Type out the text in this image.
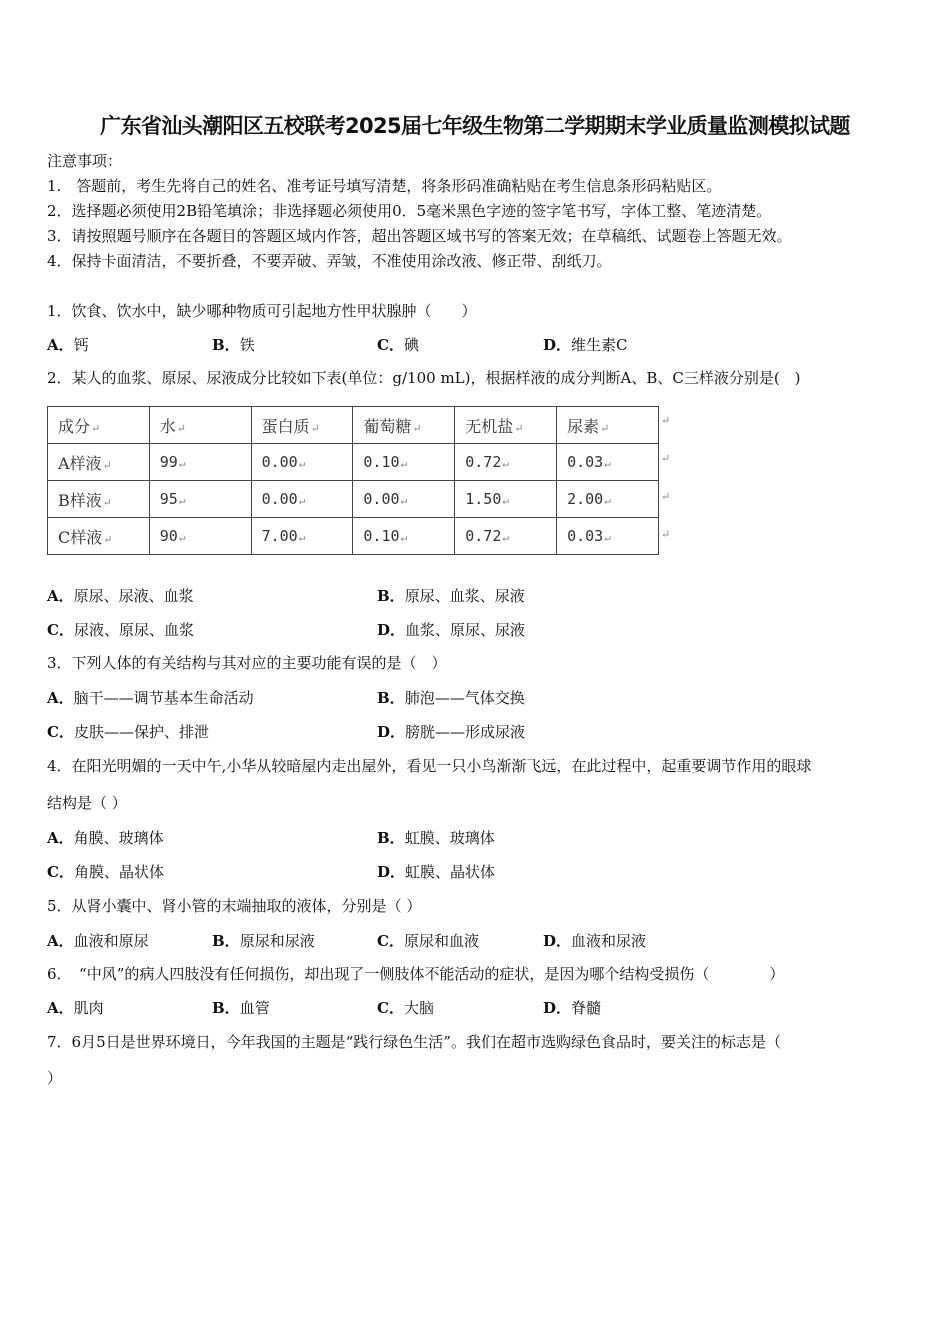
广东省汕头潮阳区五校联考2025届七年级生物第二学期期末学业质量监测模拟试题
注意事项：
1.　答题前，考生先将自己的姓名、准考证号填写清楚，将条形码准确粘贴在考生信息条形码粘贴区。
2．选择题必须使用2B铅笔填涂；非选择题必须使用0．5毫米黑色字迹的签字笔书写，字体工整、笔迹清楚。
3．请按照题号顺序在各题目的答题区域内作答，超出答题区域书写的答案无效；在草稿纸、试题卷上答题无效。
4．保持卡面清洁，不要折叠，不要弄破、弄皱，不准使用涂改液、修正带、刮纸刀。
1．饮食、饮水中，缺少哪种物质可引起地方性甲状腺肿（　　）
A．钙	B．铁	C．碘	D．维生素C
2．某人的血浆、原尿、尿液成分比较如下表(单位：g/100 mL)，根据样液的成分判断A、B、C三样液分别是(　)
成分↵	水↵	蛋白质↵	葡萄糖↵	无机盐↵	尿素↵
A样液↵	99↵	0.00↵	0.10↵	0.72↵	0.03↵
B样液↵	95↵	0.00↵	0.00↵	1.50↵	2.00↵
C样液↵	90↵	7.00↵	0.10↵	0.72↵	0.03↵
↵
↵
↵
↵
A．原尿、尿液、血浆	B．原尿、血浆、尿液
C．尿液、原尿、血浆	D．血浆、原尿、尿液
3．下列人体的有关结构与其对应的主要功能有误的是（　）
A．脑干——调节基本生命活动	B．肺泡——气体交换
C．皮肤——保护、排泄	D．膀胱——形成尿液
4．在阳光明媚的一天中午,小华从较暗屋内走出屋外，看见一只小鸟渐渐飞远，在此过程中，起重要调节作用的眼球
结构是（ ）
A．角膜、玻璃体	B．虹膜、玻璃体
C．角膜、晶状体	D．虹膜、晶状体
5．从肾小囊中、肾小管的末端抽取的液体，分别是（ ）
A．血液和原尿	B．原尿和尿液	C．原尿和血液	D．血液和尿液
6．　“中风”的病人四肢没有任何损伤，却出现了一侧肢体不能活动的症状，是因为哪个结构受损伤（　　　　）
A．肌肉	B．血管	C．大脑	D．脊髓
7．6月5日是世界环境日，今年我国的主题是“践行绿色生活”。我们在超市选购绿色食品时，要关注的标志是（
）
